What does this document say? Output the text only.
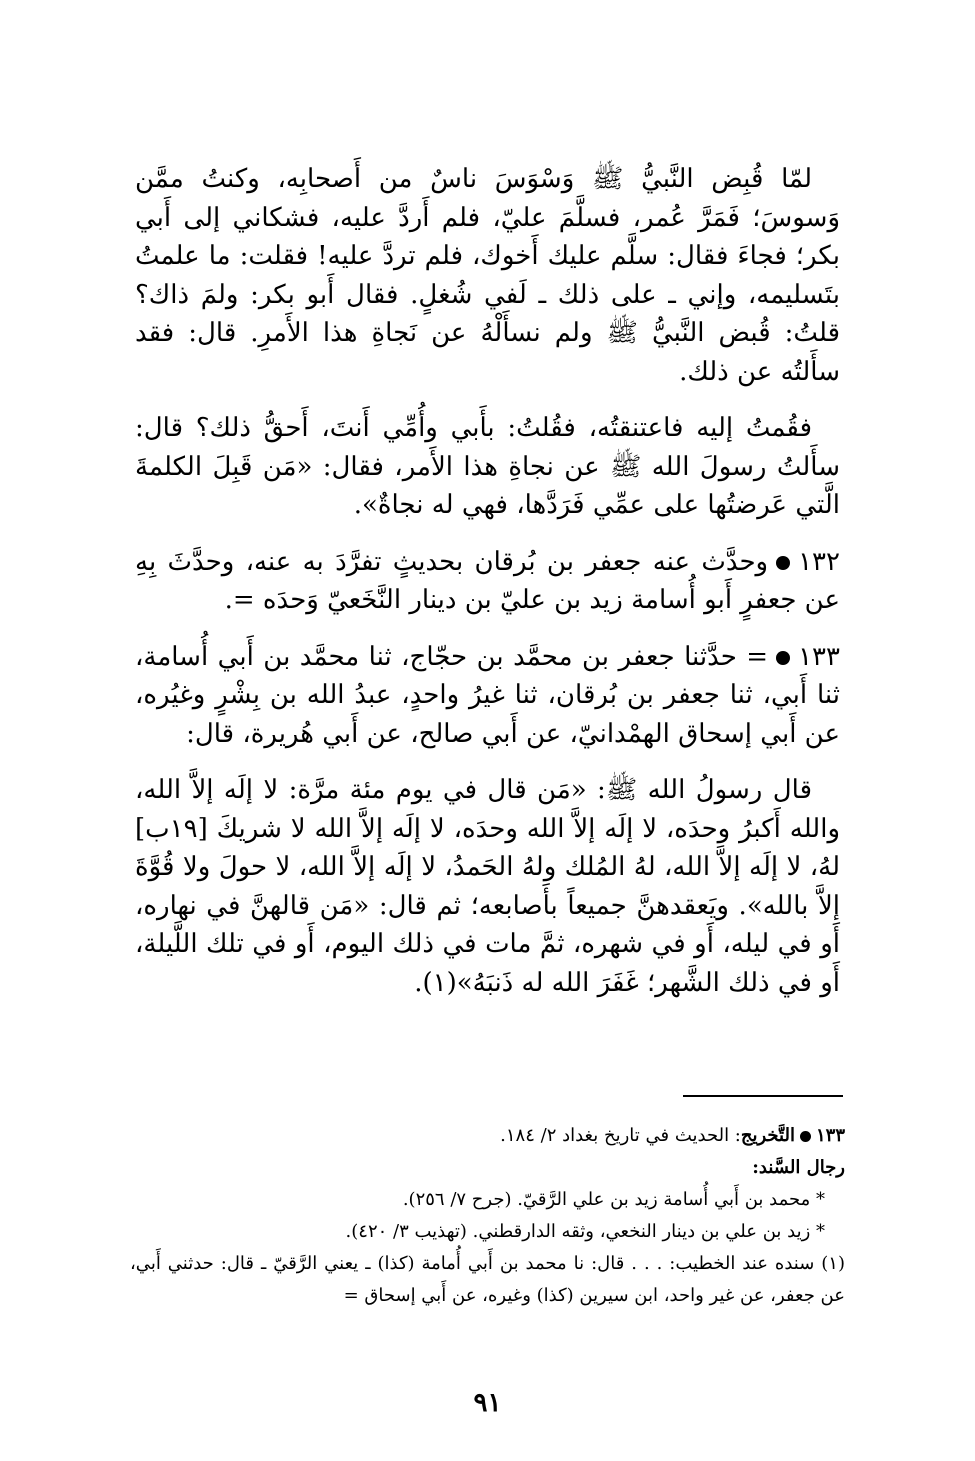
لمّا قُبِض النَّبيُّ ﷺ وَسْوَسَ ناسٌ من أَصحابِه، وكنتُ ممَّن وَسوسَ؛ فَمَرَّ عُمر، فسلَّمَ عليّ، فلم أَردَّ عليه، فشكاني إلى أَبي بكر؛ فجاءَ فقال: سلَّم عليك أَخوك، فلم تردَّ عليه! فقلت: ما علمتُ بتَسليمه، وإني ـ على ذلك ـ لَفي شُغلٍ. فقال أَبو بكر: ولمَ ذاك؟ قلتُ: قُبض النَّبيُّ ﷺ ولم نسأَلْهُ عن نَجاةِ هذا الأَمرِ. قال: فقد سأَلتُه عن ذلك.

فقُمتُ إليه فاعتنقتُه، فقُلتُ: بأَبي وأُمِّي أَنتَ، أَحقُّ ذلك؟ قال: سأَلتُ رسولَ الله ﷺ عن نجاةِ هذا الأَمر، فقال: «مَن قَبِلَ الكلمةَ الَّتي عَرضتُها على عمِّي فَرَدَّها، فهي له نجاةٌ».

١٣٢وحدَّث عنه جعفر بن بُرقان بحديثٍ تفرَّدَ به عنه، وحدَّثَ بِهِ عن جعفرٍ أَبو أُسامة زيد بن عليّ بن دينار النَّخَعيّ وَحدَه =.

١٣٣= حدَّثنا جعفر بن محمَّد بن حجّاج، ثنا محمَّد بن أَبي أُسامة، ثنا أَبي، ثنا جعفر بن بُرقان، ثنا غيرُ واحدٍ، عبدُ الله بن بِشْرٍ وغيُره، عن أَبي إسحاق الهمْدانيّ، عن أَبي صالح، عن أَبي هُريرة، قال:

قال رسولُ الله ﷺ: «مَن قال في يوم مئة مرَّة: لا إلَه إلاَّ الله، والله أَكبرُ وحدَه، لا إلَه إلاَّ الله وحدَه، لا إلَه إلاَّ الله لا شريكَ [١٩ب] لهُ، لا إلَه إلاَّ الله، لهُ المُلك ولهُ الحَمدُ، لا إلَه إلاَّ الله، لا حولَ ولا قُوَّةَ إلاَّ بالله». ويَعقدهنَّ جميعاً بأَصابعه؛ ثم قال: «مَن قالهنَّ في نهاره، أَو في ليله، أَو في شهره، ثمَّ مات في ذلك اليوم، أَو في تلك اللَّيلة، أَو في ذلك الشَّهر؛ غَفَرَ الله له ذَنبَهُ»(١).

١٣٣التَّخريج: الحديث في تاريخ بغداد ٢/ ١٨٤.

رجال السَّند:

* محمد بن أَبي أُسامة زيد بن علي الرَّقيّ. (جرح ٧/ ٢٥٦).

* زيد بن علي بن دينار النخعي، وثقه الدارقطني. (تهذيب ٣/ ٤٢٠).

(١) سنده عند الخطيب: . . . قال: نا محمد بن أَبي أُمامة (كذا) ـ يعني الرَّقيّ ـ قال: حدثني أَبي، عن جعفر، عن غير واحد، ابن سيرين (كذا) وغيره، عن أَبي إسحاق =

٩١
